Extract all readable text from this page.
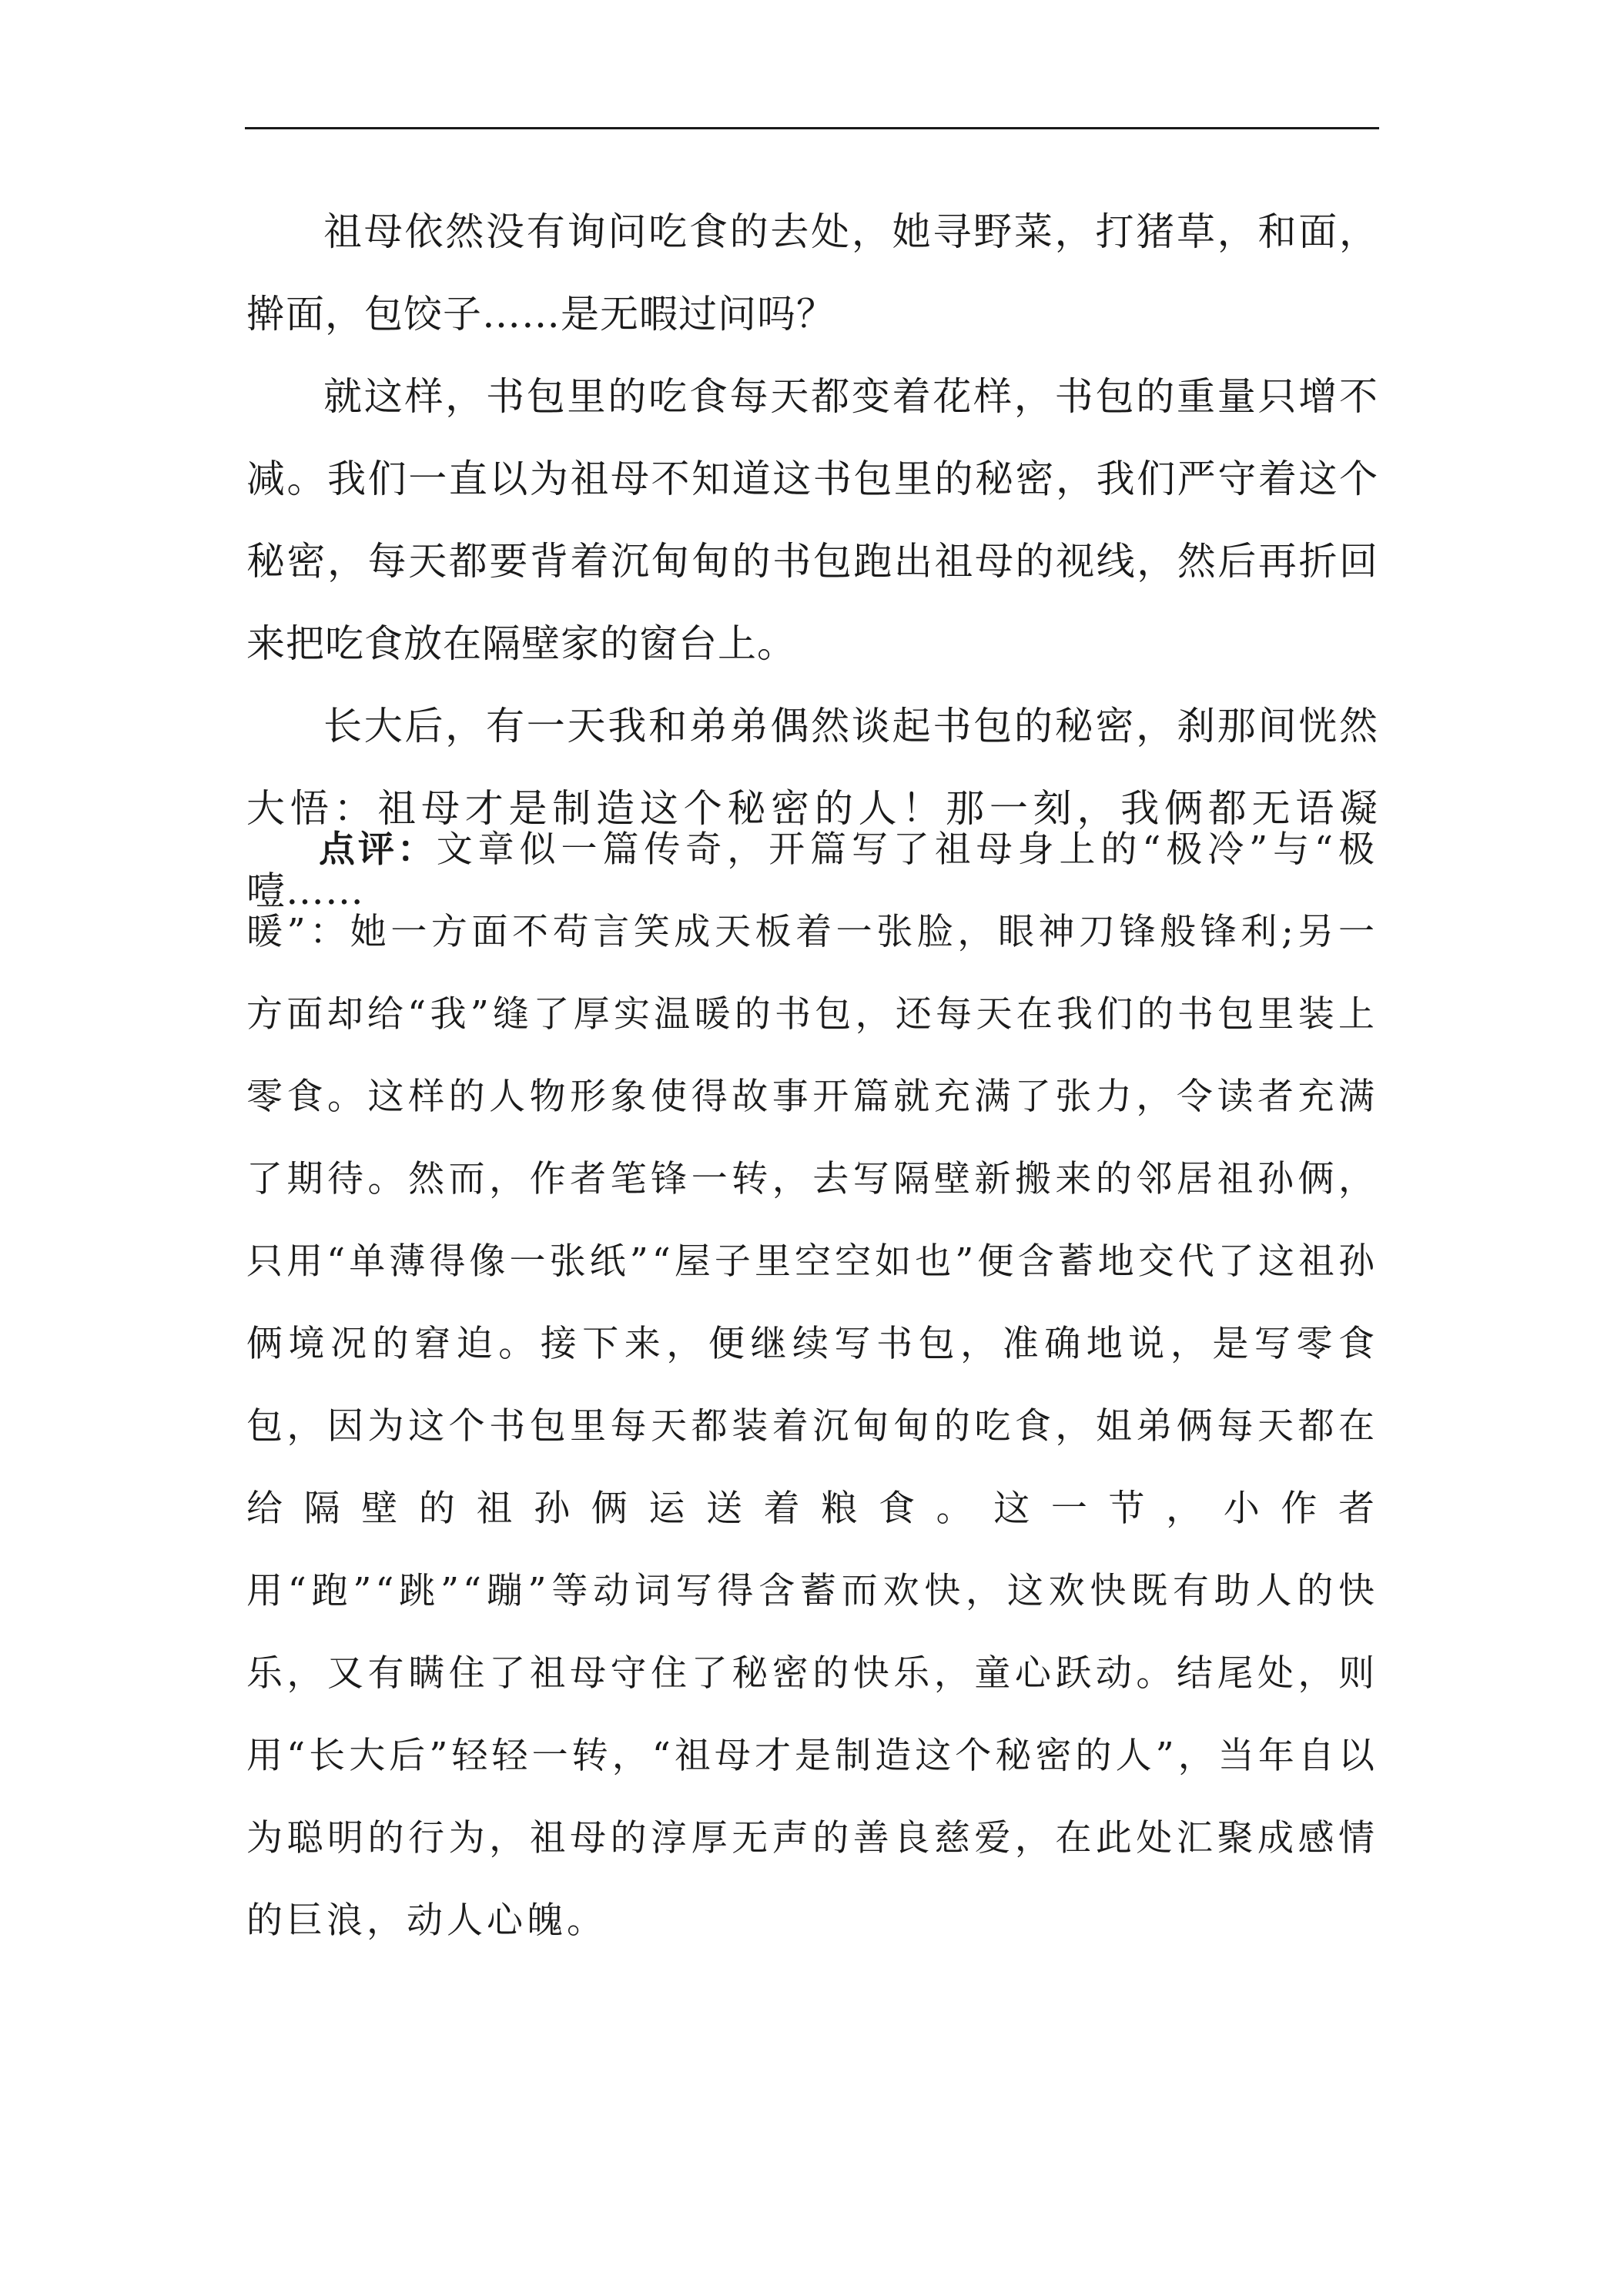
祖母依然没有询问吃食的去处，她寻野菜，打猪草，和面，擀面，包饺子……是无暇过问吗？

就这样，书包里的吃食每天都变着花样，书包的重量只增不减。我们一直以为祖母不知道这书包里的秘密，我们严守着这个秘密，每天都要背着沉甸甸的书包跑出祖母的视线，然后再折回来把吃食放在隔壁家的窗台上。

长大后，有一天我和弟弟偶然谈起书包的秘密，刹那间恍然大悟：祖母才是制造这个秘密的人！那一刻，我俩都无语凝噎……

点评：文章似一篇传奇，开篇写了祖母身上的“极冷”与“极暖”：她一方面不苟言笑成天板着一张脸，眼神刀锋般锋利;另一方面却给“我”缝了厚实温暖的书包，还每天在我们的书包里装上零食。这样的人物形象使得故事开篇就充满了张力，令读者充满了期待。然而，作者笔锋一转，去写隔壁新搬来的邻居祖孙俩，只用“单薄得像一张纸”“屋子里空空如也”便含蓄地交代了这祖孙俩境况的窘迫。接下来，便继续写书包，准确地说，是写零食包，因为这个书包里每天都装着沉甸甸的吃食，姐弟俩每天都在给隔壁的祖孙俩运送着粮食。这一节，小作者用“跑”“跳”“蹦”等动词写得含蓄而欢快，这欢快既有助人的快乐，又有瞒住了祖母守住了秘密的快乐，童心跃动。结尾处，则用“长大后”轻轻一转，“祖母才是制造这个秘密的人”，当年自以为聪明的行为，祖母的淳厚无声的善良慈爱，在此处汇聚成感情的巨浪，动人心魄。
